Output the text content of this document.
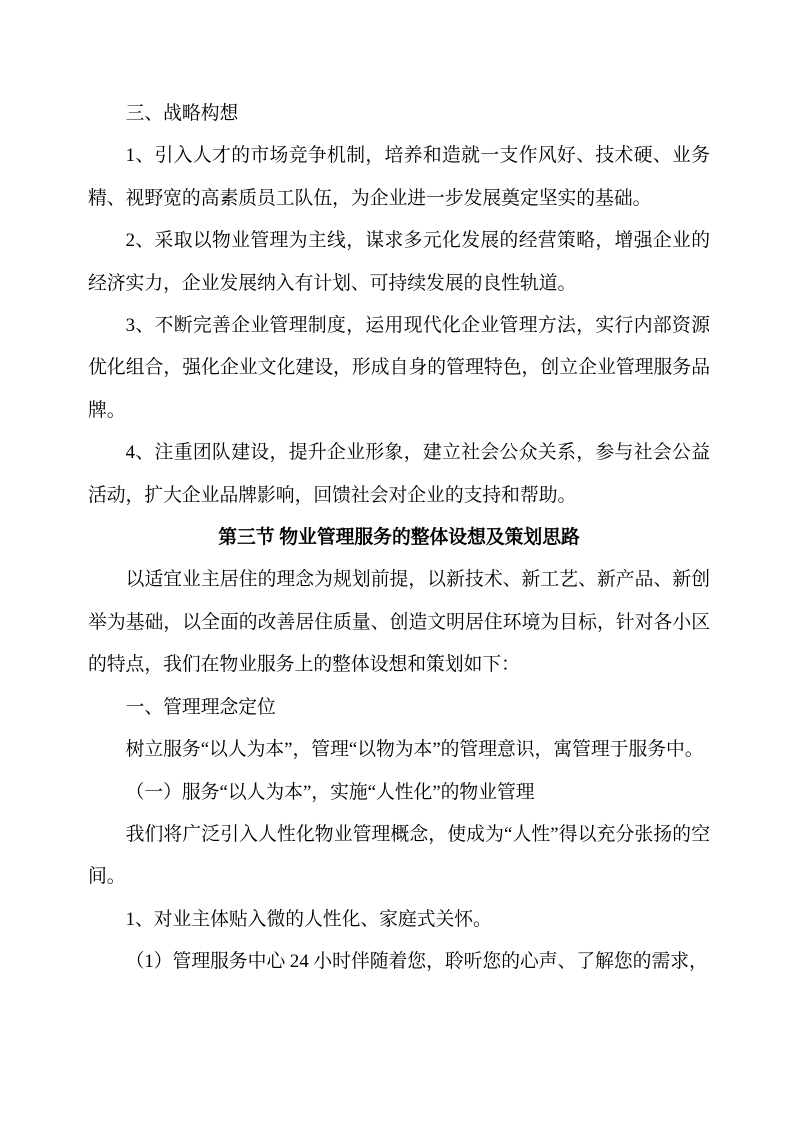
三、战略构想

1、引入人才的市场竞争机制，培养和造就一支作风好、技术硬、业务精、视野宽的高素质员工队伍，为企业进一步发展奠定坚实的基础。

2、采取以物业管理为主线，谋求多元化发展的经营策略，增强企业的经济实力，企业发展纳入有计划、可持续发展的良性轨道。

3、不断完善企业管理制度，运用现代化企业管理方法，实行内部资源优化组合，强化企业文化建设，形成自身的管理特色，创立企业管理服务品牌。

4、注重团队建设，提升企业形象，建立社会公众关系，参与社会公益活动，扩大企业品牌影响，回馈社会对企业的支持和帮助。

第三节 物业管理服务的整体设想及策划思路

以适宜业主居住的理念为规划前提，以新技术、新工艺、新产品、新创举为基础，以全面的改善居住质量、创造文明居住环境为目标，针对各小区的特点，我们在物业服务上的整体设想和策划如下：

一、管理理念定位

树立服务“以人为本”，管理“以物为本”的管理意识，寓管理于服务中。

（一）服务“以人为本”，实施“人性化”的物业管理

我们将广泛引入人性化物业管理概念，使成为“人性”得以充分张扬的空间。

1、对业主体贴入微的人性化、家庭式关怀。

（1）管理服务中心 24 小时伴随着您，聆听您的心声、了解您的需求，
